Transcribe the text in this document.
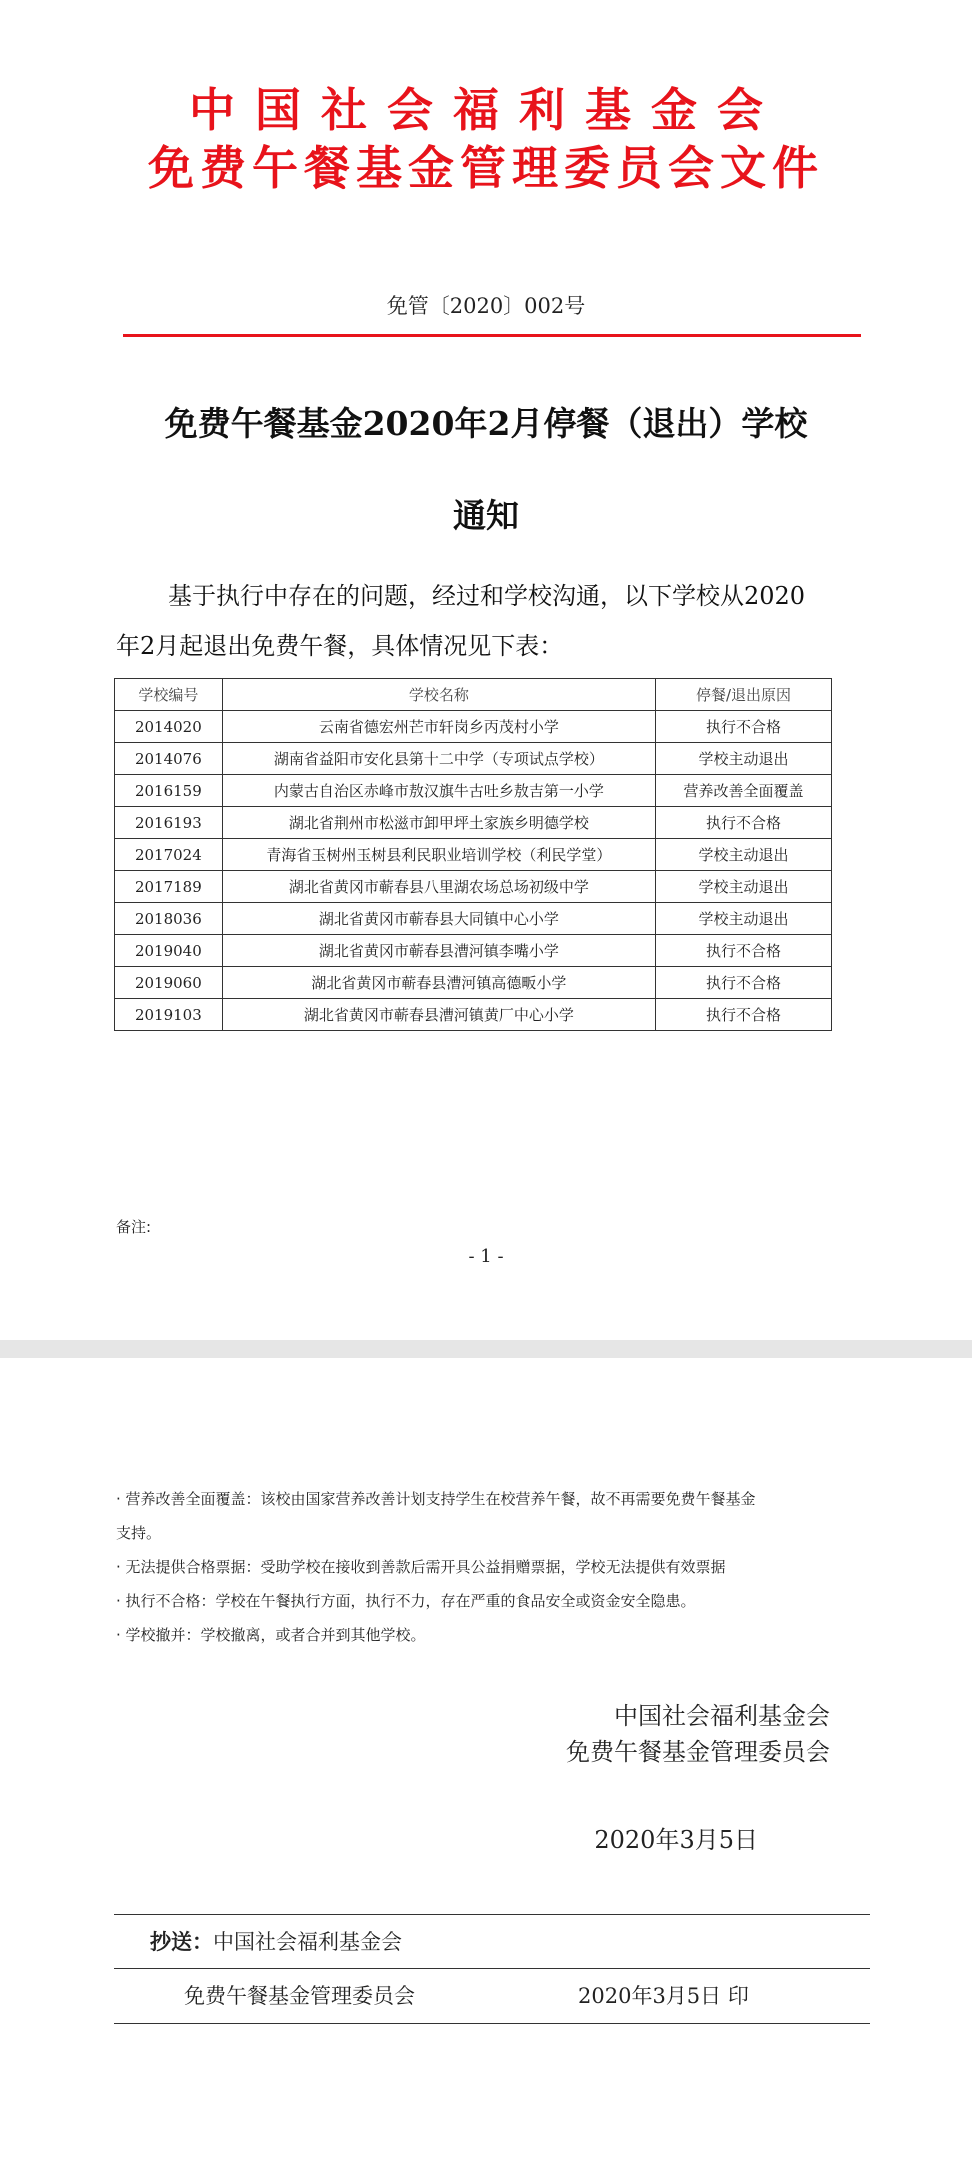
中国社会福利基金会
免费午餐基金管理委员会文件
免管〔2020〕002号
免费午餐基金2020年2月停餐（退出）学校
通知
基于执行中存在的问题，经过和学校沟通，以下学校从2020
年2月起退出免费午餐，具体情况见下表：
学校编号	学校名称	停餐/退出原因
2014020	云南省德宏州芒市轩岗乡丙茂村小学	执行不合格
2014076	湖南省益阳市安化县第十二中学（专项试点学校）	学校主动退出
2016159	内蒙古自治区赤峰市敖汉旗牛古吐乡敖吉第一小学	营养改善全面覆盖
2016193	湖北省荆州市松滋市卸甲坪土家族乡明德学校	执行不合格
2017024	青海省玉树州玉树县利民职业培训学校（利民学堂）	学校主动退出
2017189	湖北省黄冈市蕲春县八里湖农场总场初级中学	学校主动退出
2018036	湖北省黄冈市蕲春县大同镇中心小学	学校主动退出
2019040	湖北省黄冈市蕲春县漕河镇李嘴小学	执行不合格
2019060	湖北省黄冈市蕲春县漕河镇高德畈小学	执行不合格
2019103	湖北省黄冈市蕲春县漕河镇黄厂中心小学	执行不合格
备注:
- 1 -
· 营养改善全面覆盖：该校由国家营养改善计划支持学生在校营养午餐，故不再需要免费午餐基金
支持。
· 无法提供合格票据：受助学校在接收到善款后需开具公益捐赠票据，学校无法提供有效票据
· 执行不合格：学校在午餐执行方面，执行不力，存在严重的食品安全或资金安全隐患。
· 学校撤并：学校撤离，或者合并到其他学校。
中国社会福利基金会
免费午餐基金管理委员会
2020年3月5日
抄送：中国社会福利基金会
免费午餐基金管理委员会	2020年3月5日 印
